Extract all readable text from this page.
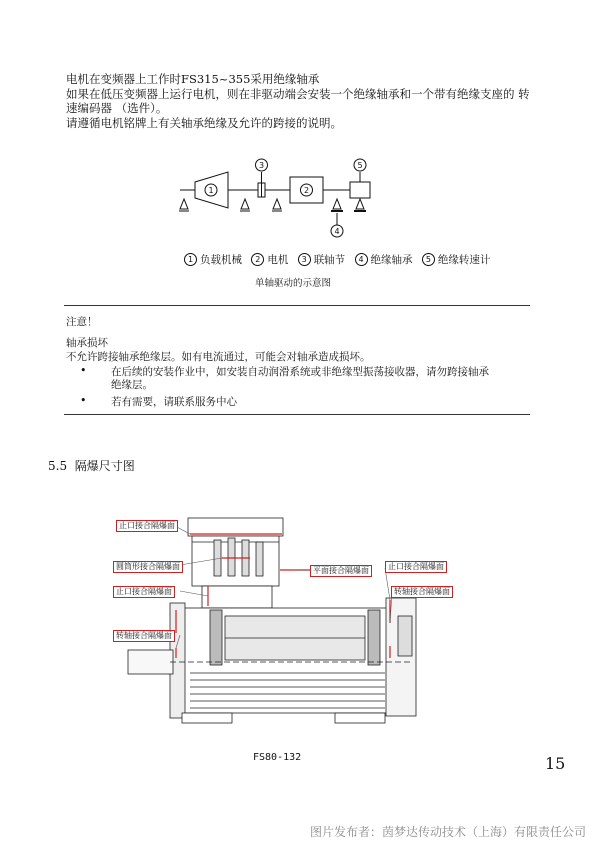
电机在变频器上工作时FS315~355采用绝缘轴承
如果在低压变频器上运行电机，则在非驱动端会安装一个绝缘轴承和一个带有绝缘支座的 转
速编码器 （选件）。
请遵循电机铭牌上有关轴承绝缘及允许的跨接的说明。
1	2
3
4
5
1 负载机械 2 电机 3 联轴节 4 绝缘轴承 5 绝缘转速计
单轴驱动的示意图
注意！
轴承损坏
不允许跨接轴承绝缘层。如有电流通过，可能会对轴承造成损坏。
• 在后续的安装作业中，如安装自动润滑系统或非绝缘型振荡接收器，请勿跨接轴承
绝缘层。
• 若有需要，请联系服务中心
5.5 隔爆尺寸图
止口接合隔爆面
圆筒形接合隔爆面
止口接合隔爆面
转轴接合隔爆面
平面接合隔爆面	止口接合隔爆面
转轴接合隔爆面
FS80-132	15
图片发布者：茵梦达传动技术（上海）有限责任公司
